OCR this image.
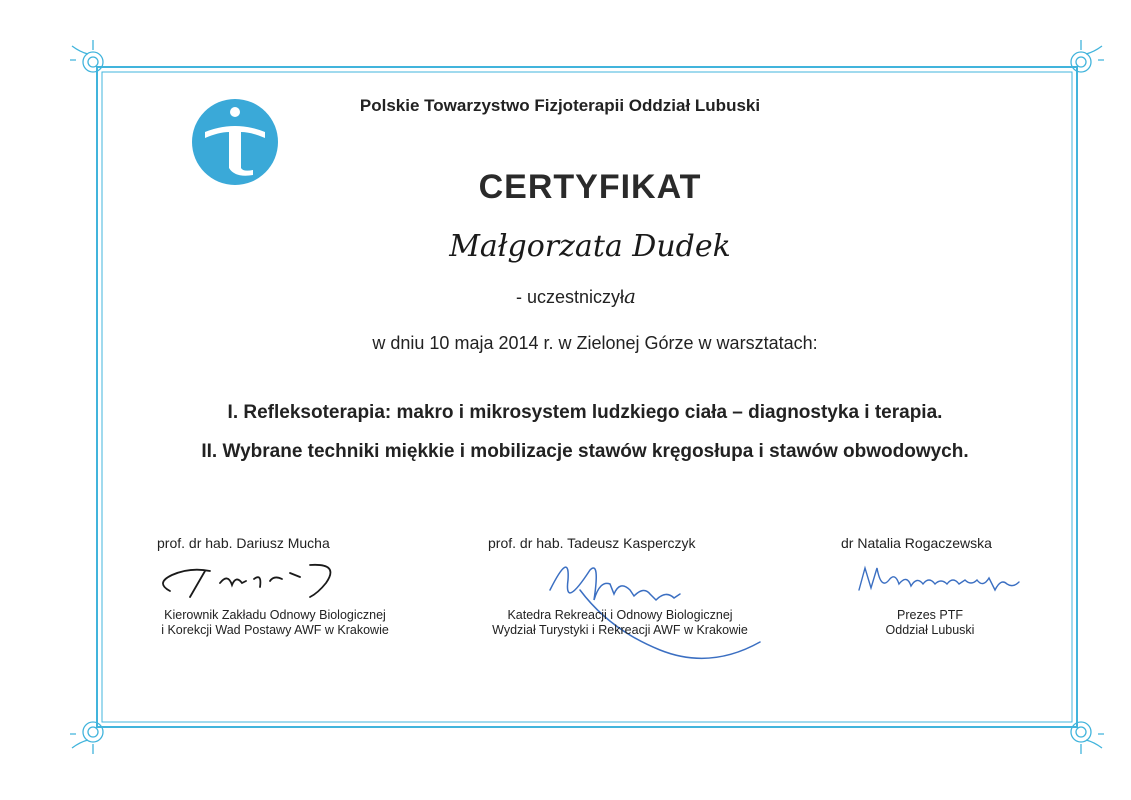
Polskie Towarzystwo Fizjoterapii Oddział Lubuski
CERTYFIKAT
Małgorzata Dudek
- uczestniczyła
w dniu 10 maja 2014 r. w Zielonej Górze w warsztatach:
I. Refleksoterapia: makro i mikrosystem ludzkiego ciała – diagnostyka i terapia.
II. Wybrane techniki miękkie i mobilizacje stawów kręgosłupa i stawów obwodowych.
prof. dr hab. Dariusz Mucha
Kierownik Zakładu Odnowy Biologicznej
i Korekcji Wad Postawy AWF w Krakowie
prof. dr hab. Tadeusz Kasperczyk
Katedra Rekreacji i Odnowy Biologicznej
Wydział Turystyki i Rekreacji AWF w Krakowie
dr Natalia Rogaczewska
Prezes PTF
Oddział Lubuski
